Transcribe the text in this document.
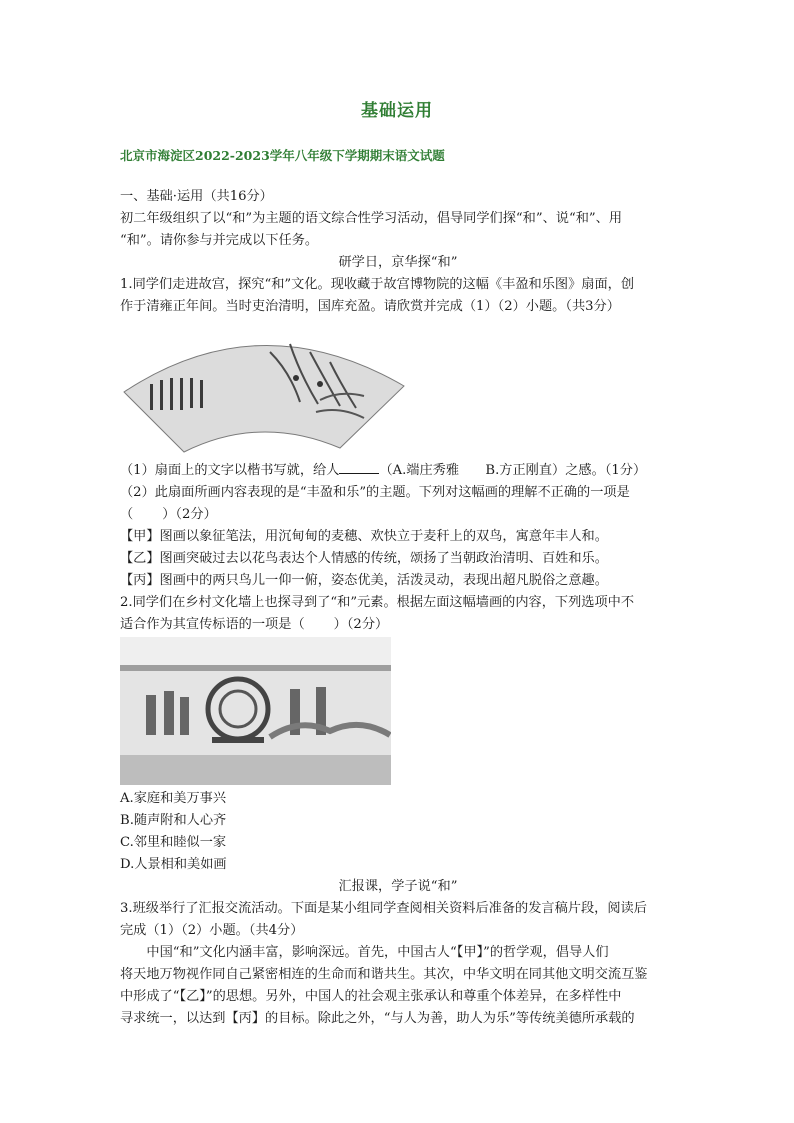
基础运用
北京市海淀区2022-2023学年八年级下学期期末语文试题
一、基础·运用（共16分）
初二年级组织了以“和”为主题的语文综合性学习活动，倡导同学们探“和”、说“和”、用
“和”。请你参与并完成以下任务。
研学日，京华探“和”
1.同学们走进故宫，探究“和”文化。现收藏于故宫博物院的这幅《丰盈和乐图》扇面，创
作于清雍正年间。当时吏治清明，国库充盈。请欣赏并完成（1）（2）小题。（共3分）
（1）扇面上的文字以楷书写就，给人	（A.端庄秀雅　　B.方正刚直）之感。（1分）
（2）此扇面所画内容表现的是“丰盈和乐”的主题。下列对这幅画的理解不正确的一项是
（ ）（2分）
【甲】图画以象征笔法，用沉甸甸的麦穗、欢快立于麦秆上的双鸟，寓意年丰人和。
【乙】图画突破过去以花鸟表达个人情感的传统，颂扬了当朝政治清明、百姓和乐。
【丙】图画中的两只鸟儿一仰一俯，姿态优美，活泼灵动，表现出超凡脱俗之意趣。
2.同学们在乡村文化墙上也探寻到了“和”元素。根据左面这幅墙画的内容，下列选项中不
适合作为其宣传标语的一项是（ ）（2分）
A.家庭和美万事兴
B.随声附和人心齐
C.邻里和睦似一家
D.人景相和美如画
汇报课，学子说“和”
3.班级举行了汇报交流活动。下面是某小组同学查阅相关资料后准备的发言稿片段，阅读后
完成（1）（2）小题。（共4分）
中国“和”文化内涵丰富，影响深远。首先，中国古人“【甲】”的哲学观，倡导人们
将天地万物视作同自己紧密相连的生命而和谐共生。其次，中华文明在同其他文明交流互鉴
中形成了“【乙】”的思想。另外，中国人的社会观主张承认和尊重个体差异，在多样性中
寻求统一，以达到【丙】的目标。除此之外，“与人为善，助人为乐”等传统美德所承载的
